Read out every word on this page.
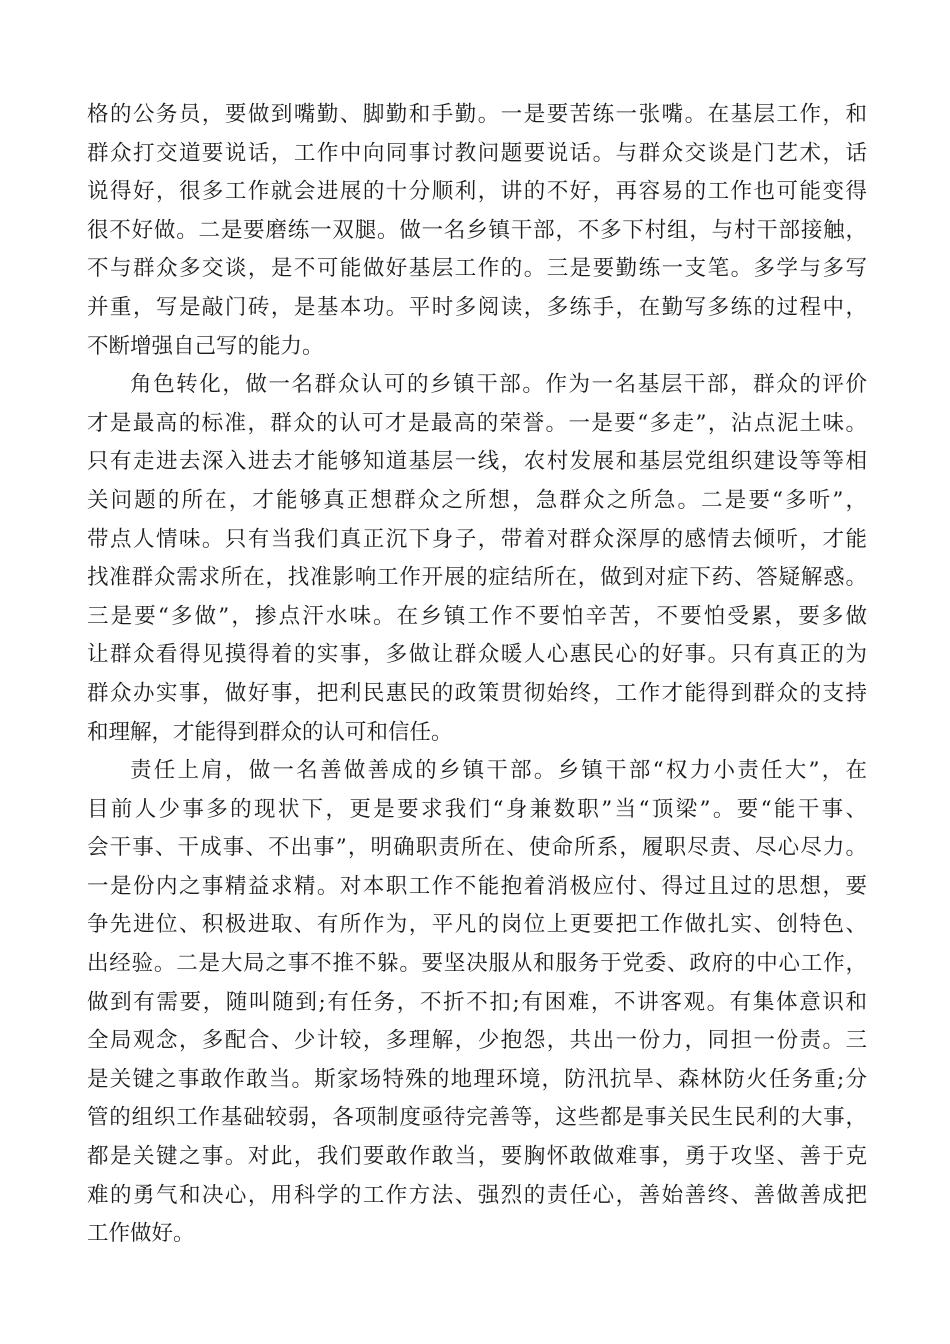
格的公务员，要做到嘴勤、脚勤和手勤。一是要苦练一张嘴。在基层工作，和
群众打交道要说话，工作中向同事讨教问题要说话。与群众交谈是门艺术，话
说得好，很多工作就会进展的十分顺利，讲的不好，再容易的工作也可能变得
很不好做。二是要磨练一双腿。做一名乡镇干部，不多下村组，与村干部接触，
不与群众多交谈，是不可能做好基层工作的。三是要勤练一支笔。多学与多写
并重，写是敲门砖，是基本功。平时多阅读，多练手，在勤写多练的过程中，
不断增强自己写的能力。
角色转化，做一名群众认可的乡镇干部。作为一名基层干部，群众的评价
才是最高的标准，群众的认可才是最高的荣誉。一是要“多走”，沾点泥土味。
只有走进去深入进去才能够知道基层一线，农村发展和基层党组织建设等等相
关问题的所在，才能够真正想群众之所想，急群众之所急。二是要“多听”，
带点人情味。只有当我们真正沉下身子，带着对群众深厚的感情去倾听，才能
找准群众需求所在，找准影响工作开展的症结所在，做到对症下药、答疑解惑。
三是要“多做”，掺点汗水味。在乡镇工作不要怕辛苦，不要怕受累，要多做
让群众看得见摸得着的实事，多做让群众暖人心惠民心的好事。只有真正的为
群众办实事，做好事，把利民惠民的政策贯彻始终，工作才能得到群众的支持
和理解，才能得到群众的认可和信任。
责任上肩，做一名善做善成的乡镇干部。乡镇干部“权力小责任大”，在
目前人少事多的现状下，更是要求我们“身兼数职”当“顶梁”。要“能干事、
会干事、干成事、不出事”，明确职责所在、使命所系，履职尽责、尽心尽力。
一是份内之事精益求精。对本职工作不能抱着消极应付、得过且过的思想，要
争先进位、积极进取、有所作为，平凡的岗位上更要把工作做扎实、创特色、
出经验。二是大局之事不推不躲。要坚决服从和服务于党委、政府的中心工作，
做到有需要，随叫随到;有任务，不折不扣;有困难，不讲客观。有集体意识和
全局观念，多配合、少计较，多理解，少抱怨，共出一份力，同担一份责。三
是关键之事敢作敢当。斯家场特殊的地理环境，防汛抗旱、森林防火任务重;分
管的组织工作基础较弱，各项制度亟待完善等，这些都是事关民生民利的大事，
都是关键之事。对此，我们要敢作敢当，要胸怀敢做难事，勇于攻坚、善于克
难的勇气和决心，用科学的工作方法、强烈的责任心，善始善终、善做善成把
工作做好。
